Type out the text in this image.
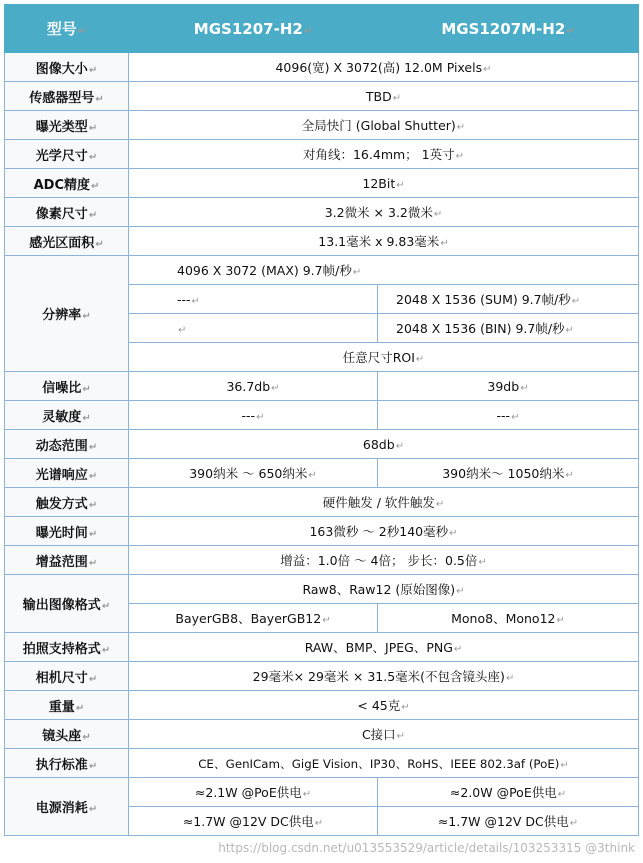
型号↵	MGS1207-H2↵	MGS1207M-H2↵
图像大小↵	4096(宽) X 3072(高) 12.0M Pixels↵	
传感器型号↵	TBD↵	
曝光类型↵	全局快门 (Global Shutter)↵	
光学尺寸↵	对角线：16.4mm； 1英寸↵	
ADC精度↵	12Bit↵	
像素尺寸↵	3.2微米 × 3.2微米↵	
感光区面积↵	13.1毫米 x 9.83毫米↵	
分辨率↵	4096 X 3072 (MAX) 9.7帧/秒↵	
	---↵	2048 X 1536 (SUM) 9.7帧/秒↵
	↵	2048 X 1536 (BIN) 9.7帧/秒↵
	任意尺寸ROI↵	
信噪比↵	36.7db↵	39db↵
灵敏度↵	---↵	---↵
动态范围↵	68db↵	
光谱响应↵	390纳米 ～ 650纳米↵	390纳米～ 1050纳米↵
触发方式↵	硬件触发 / 软件触发↵	
曝光时间↵	163微秒 ～ 2秒140毫秒↵	
增益范围↵	增益：1.0倍 ～ 4倍； 步长：0.5倍↵	
输出图像格式↵	Raw8、Raw12 (原始图像)↵	
	BayerGB8、BayerGB12↵	Mono8、Mono12↵
拍照支持格式↵	RAW、BMP、JPEG、PNG↵	
相机尺寸↵	29毫米× 29毫米 × 31.5毫米(不包含镜头座)↵	
重量↵	< 45克↵	
镜头座↵	C接口↵	
执行标准↵	CE、GenICam、GigE Vision、IP30、RoHS、IEEE 802.3af (PoE)↵	
电源消耗↵	≈2.1W @PoE供电↵	≈2.0W @PoE供电↵
	≈1.7W @12V DC供电↵	≈1.7W @12V DC供电↵
https://blog.csdn.net/u013553529/article/details/103253315 @3think
